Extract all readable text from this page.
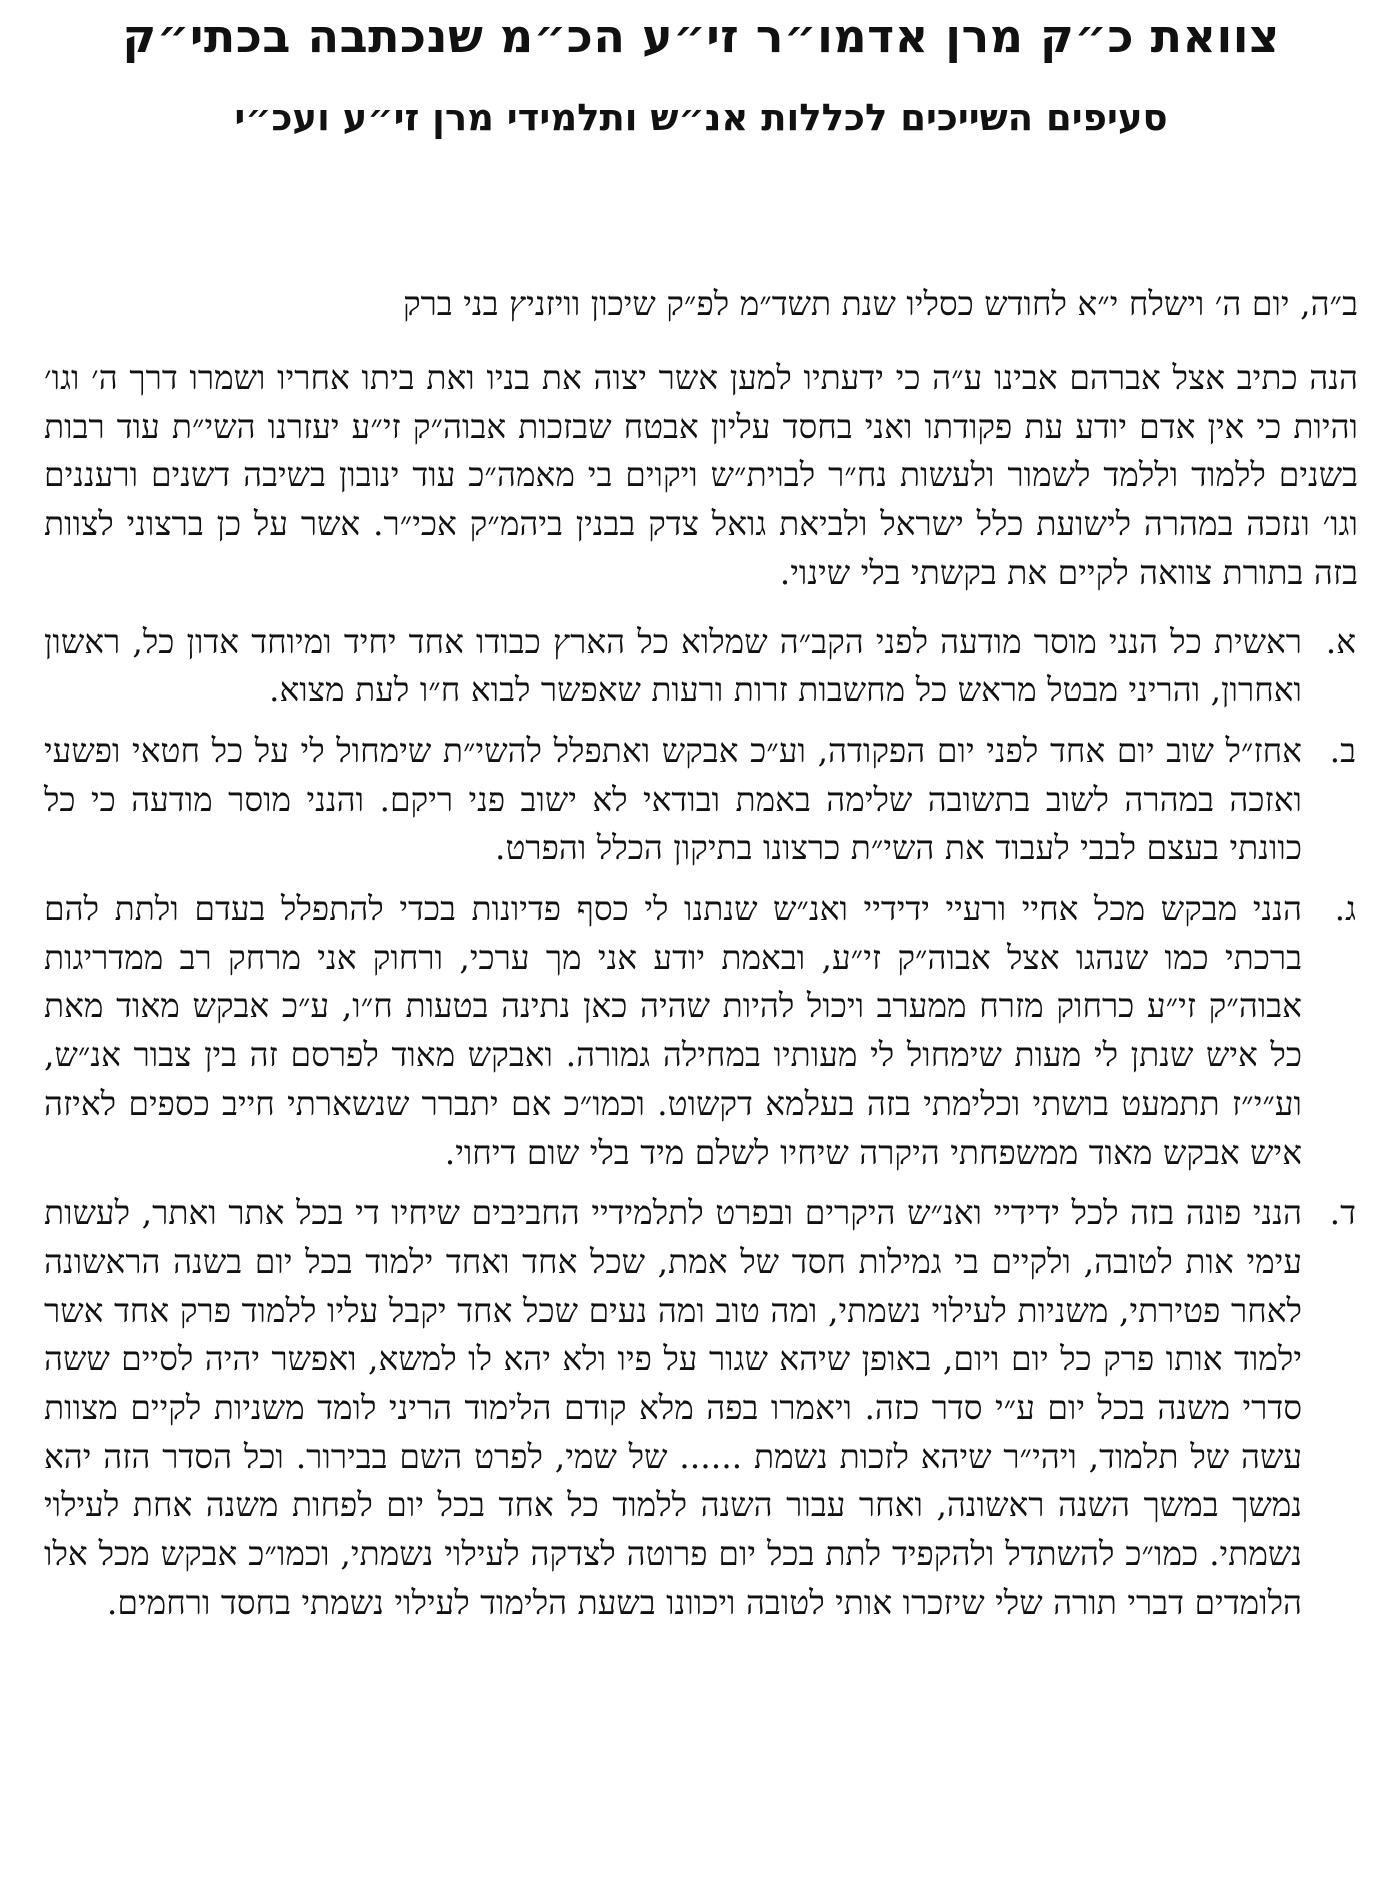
צוואת כ״ק מרן אדמו״ר זי״ע הכ״מ שנכתבה בכתי״ק
סעיפים השייכים לכללות אנ״ש ותלמידי מרן זי״ע ועכ״י

ב״ה, יום ה׳ וישלח י״א לחודש כסליו שנת תשד״מ לפ״ק שיכון וויזניץ בני ברק

הנה כתיב אצל אברהם אבינו ע״ה כי ידעתיו למען אשר יצוה את בניו ואת ביתו אחריו ושמרו דרך ה׳ וגו׳ והיות כי אין אדם יודע עת פקודתו ואני בחסד עליון אבטח שבזכות אבוה״ק זי״ע יעזרנו השי״ת עוד רבות בשנים ללמוד וללמד לשמור ולעשות נח״ר לבוית״ש ויקוים בי מאמה״כ עוד ינובון בשיבה דשנים ורעננים וגו׳ ונזכה במהרה לישועת כלל ישראל ולביאת גואל צדק בבנין ביהמ״ק אכי״ר. אשר על כן ברצוני לצוות בזה בתורת צוואה לקיים את בקשתי בלי שינוי.

א.
ראשית כל הנני מוסר מודעה לפני הקב״ה שמלוא כל הארץ כבודו אחד יחיד ומיוחד אדון כל, ראשון ואחרון, והריני מבטל מראש כל מחשבות זרות ורעות שאפשר לבוא ח״ו לעת מצוא.
ב.
אחז״ל שוב יום אחד לפני יום הפקודה, וע״כ אבקש ואתפלל להשי״ת שימחול לי על כל חטאי ופשעי ואזכה במהרה לשוב בתשובה שלימה באמת ובודאי לא ישוב פני ריקם. והנני מוסר מודעה כי כל כוונתי בעצם לבבי לעבוד את השי״ת כרצונו בתיקון הכלל והפרט.
ג.
הנני מבקש מכל אחיי ורעיי ידידיי ואנ״ש שנתנו לי כסף פדיונות בכדי להתפלל בעדם ולתת להם ברכתי כמו שנהגו אצל אבוה״ק זי״ע, ובאמת יודע אני מך ערכי, ורחוק אני מרחק רב ממדריגות אבוה״ק זי״ע כרחוק מזרח ממערב ויכול להיות שהיה כאן נתינה בטעות ח״ו, ע״כ אבקש מאוד מאת כל איש שנתן לי מעות שימחול לי מעותיו במחילה גמורה. ואבקש מאוד לפרסם זה בין צבור אנ״ש, וע״י״ז תתמעט בושתי וכלימתי בזה בעלמא דקשוט. וכמו״כ אם יתברר שנשארתי חייב כספים לאיזה איש אבקש מאוד ממשפחתי היקרה שיחיו לשלם מיד בלי שום דיחוי.
ד.
הנני פונה בזה לכל ידידיי ואנ״ש היקרים ובפרט לתלמידיי החביבים שיחיו די בכל אתר ואתר, לעשות עימי אות לטובה, ולקיים בי גמילות חסד של אמת, שכל אחד ואחד ילמוד בכל יום בשנה הראשונה לאחר פטירתי, משניות לעילוי נשמתי, ומה טוב ומה נעים שכל אחד יקבל עליו ללמוד פרק אחד אשר ילמוד אותו פרק כל יום ויום, באופן שיהא שגור על פיו ולא יהא לו למשא, ואפשר יהיה לסיים ששה סדרי משנה בכל יום ע״י סדר כזה. ויאמרו בפה מלא קודם הלימוד הריני לומד משניות לקיים מצוות עשה של תלמוד, ויהי״ר שיהא לזכות נשמת ...... של שמי, לפרט השם בבירור. וכל הסדר הזה יהא נמשך במשך השנה ראשונה, ואחר עבור השנה ללמוד כל אחד בכל יום לפחות משנה אחת לעילוי נשמתי. כמו״כ להשתדל ולהקפיד לתת בכל יום פרוטה לצדקה לעילוי נשמתי, וכמו״כ אבקש מכל אלו הלומדים דברי תורה שלי שיזכרו אותי לטובה ויכוונו בשעת הלימוד לעילוי נשמתי בחסד ורחמים.
